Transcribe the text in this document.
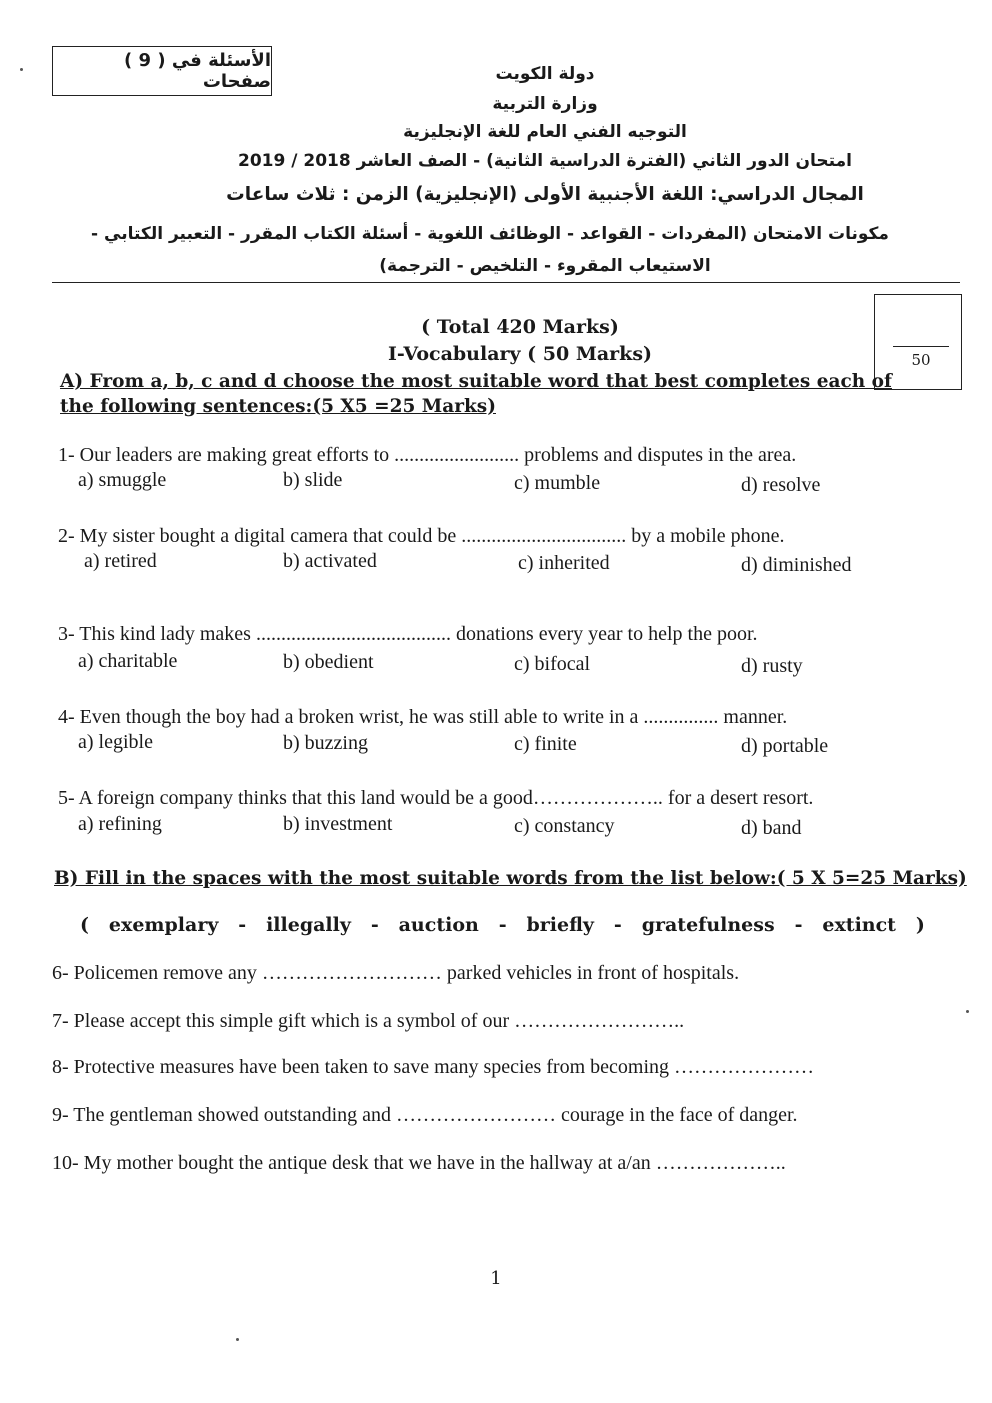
الأسئلة في ( 9 ) صفحات	دولة الكويت
وزارة التربية
التوجيه الفني العام للغة الإنجليزية
امتحان الدور الثاني (الفترة الدراسية الثانية) - الصف العاشر 2018 / 2019
المجال الدراسي: اللغة الأجنبية الأولى (الإنجليزية) الزمن : ثلاث ساعات
مكونات الامتحان (المفردات - القواعد - الوظائف اللغوية - أسئلة الكتاب المقرر - التعبير الكتابي -
الاستيعاب المقروء - التلخيص - الترجمة)
50
( Total 420 Marks)
I-Vocabulary ( 50 Marks)
A) From a, b, c and d choose the most suitable word that best completes each of
the following sentences:(5 X5 =25 Marks)
1- Our leaders are making great efforts to ......................... problems and disputes in the area.
a) smuggle	b) slide	c) mumble	d) resolve
2- My sister bought a digital camera that could be ................................. by a mobile phone.
a) retired	b) activated	c) inherited	d) diminished
3- This kind lady makes ....................................... donations every year to help the poor.
a) charitable	b) obedient	c) bifocal	d) rusty
4- Even though the boy had a broken wrist, he was still able to write in a ............... manner.
a) legible	b) buzzing	c) finite	d) portable
5- A foreign company thinks that this land would be a good……………….. for a desert resort.
a) refining	b) investment	c) constancy	d) band
B) Fill in the spaces with the most suitable words from the list below:( 5 X 5=25 Marks)
( exemplary - illegally - auction - briefly - gratefulness - extinct )
6- Policemen remove any ……………………… parked vehicles in front of hospitals.
7- Please accept this simple gift which is a symbol of our ……………………..
8- Protective measures have been taken to save many species from becoming …………………
9- The gentleman showed outstanding and …………………… courage in the face of danger.
10- My mother bought the antique desk that we have in the hallway at a/an ………………..
1
